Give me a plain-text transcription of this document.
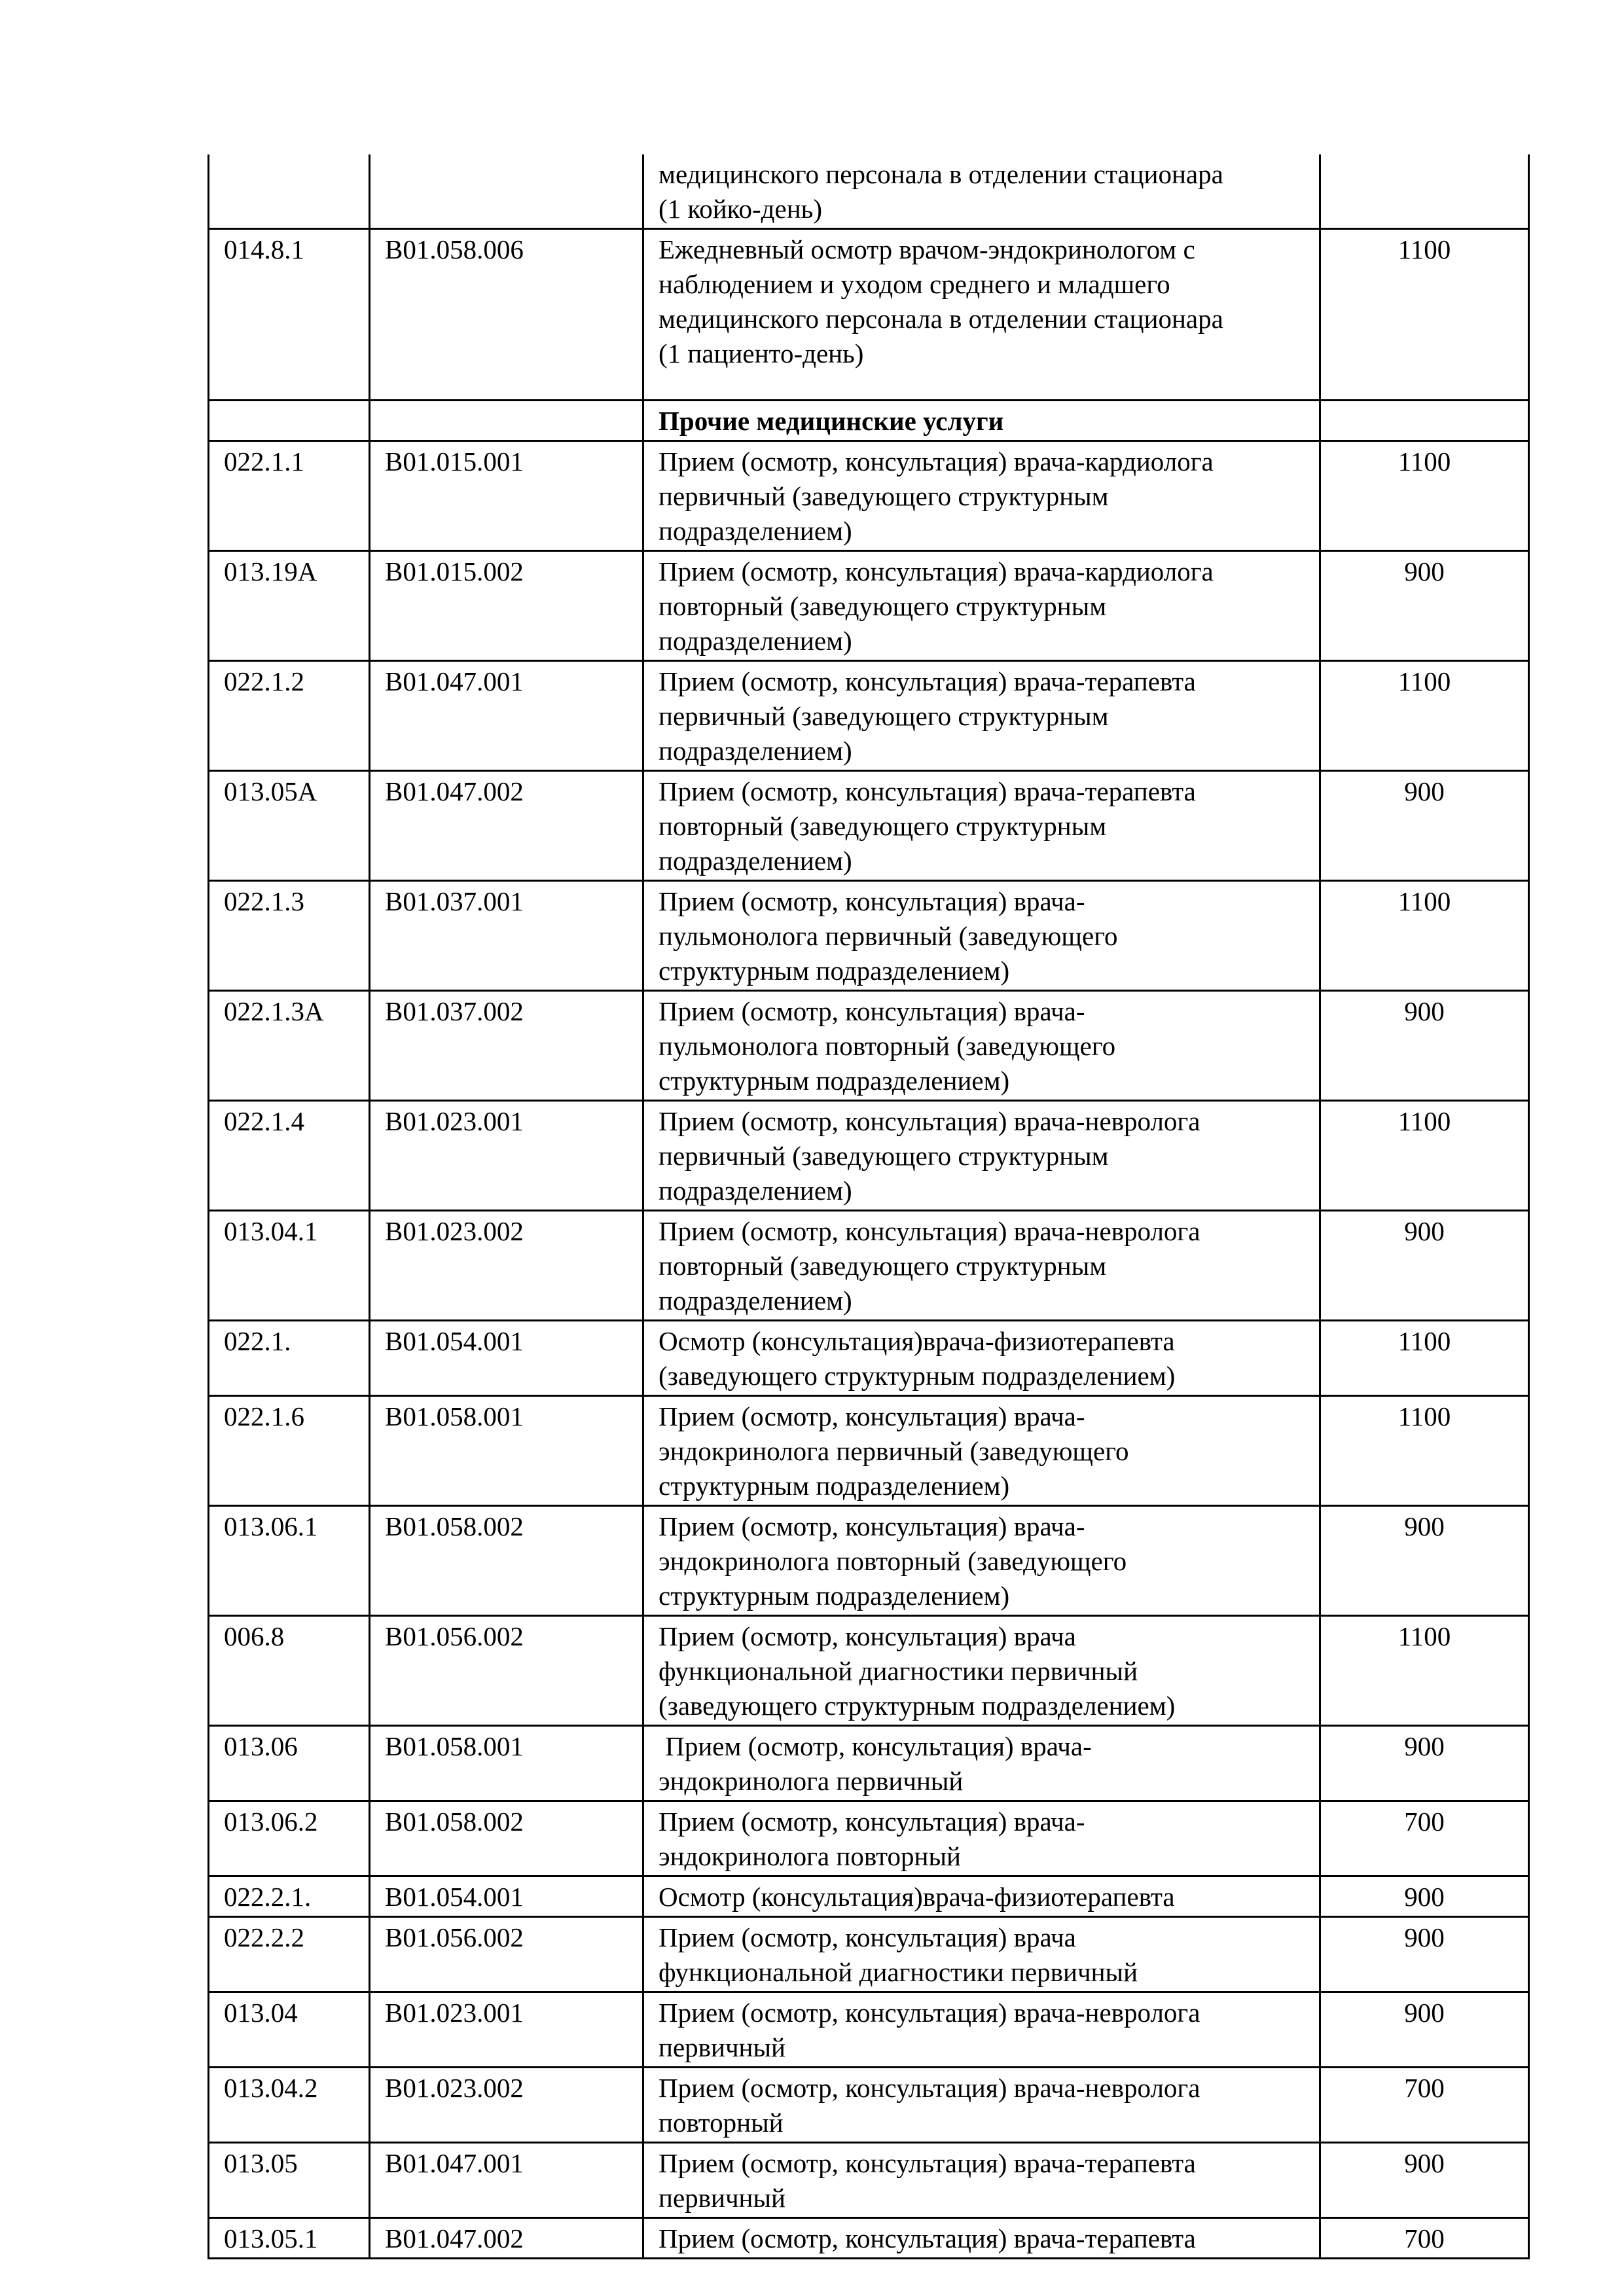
		медицинского персонала в отделении стационара
(1 койко-день)	
014.8.1	B01.058.006	Ежедневный осмотр врачом-эндокринологом с
наблюдением и уходом среднего и младшего
медицинского персонала в отделении стационара
(1 пациенто-день)	1100
		Прочие медицинские услуги	
022.1.1	B01.015.001	Прием (осмотр, консультация) врача-кардиолога
первичный (заведующего структурным
подразделением)	1100
013.19А	B01.015.002	Прием (осмотр, консультация) врача-кардиолога
повторный (заведующего структурным
подразделением)	900
022.1.2	B01.047.001	Прием (осмотр, консультация) врача-терапевта
первичный (заведующего структурным
подразделением)	1100
013.05А	B01.047.002	Прием (осмотр, консультация) врача-терапевта
повторный (заведующего структурным
подразделением)	900
022.1.3	B01.037.001	Прием (осмотр, консультация) врача-
пульмонолога первичный (заведующего
структурным подразделением)	1100
022.1.3А	B01.037.002	Прием (осмотр, консультация) врача-
пульмонолога повторный (заведующего
структурным подразделением)	900
022.1.4	B01.023.001	Прием (осмотр, консультация) врача-невролога
первичный (заведующего структурным
подразделением)	1100
013.04.1	B01.023.002	Прием (осмотр, консультация) врача-невролога
повторный (заведующего структурным
подразделением)	900
022.1.	B01.054.001	Осмотр (консультация)врача-физиотерапевта
(заведующего структурным подразделением)	1100
022.1.6	B01.058.001	Прием (осмотр, консультация) врача-
эндокринолога первичный (заведующего
структурным подразделением)	1100
013.06.1	B01.058.002	Прием (осмотр, консультация) врача-
эндокринолога повторный (заведующего
структурным подразделением)	900
006.8	B01.056.002	Прием (осмотр, консультация) врача
функциональной диагностики первичный
(заведующего структурным подразделением)	1100
013.06	B01.058.001	Прием (осмотр, консультация) врача-
эндокринолога первичный	900
013.06.2	B01.058.002	Прием (осмотр, консультация) врача-
эндокринолога повторный	700
022.2.1.	B01.054.001	Осмотр (консультация)врача-физиотерапевта	900
022.2.2	B01.056.002	Прием (осмотр, консультация) врача
функциональной диагностики первичный	900
013.04	B01.023.001	Прием (осмотр, консультация) врача-невролога
первичный	900
013.04.2	B01.023.002	Прием (осмотр, консультация) врача-невролога
повторный	700
013.05	B01.047.001	Прием (осмотр, консультация) врача-терапевта
первичный	900
013.05.1	B01.047.002	Прием (осмотр, консультация) врача-терапевта	700
